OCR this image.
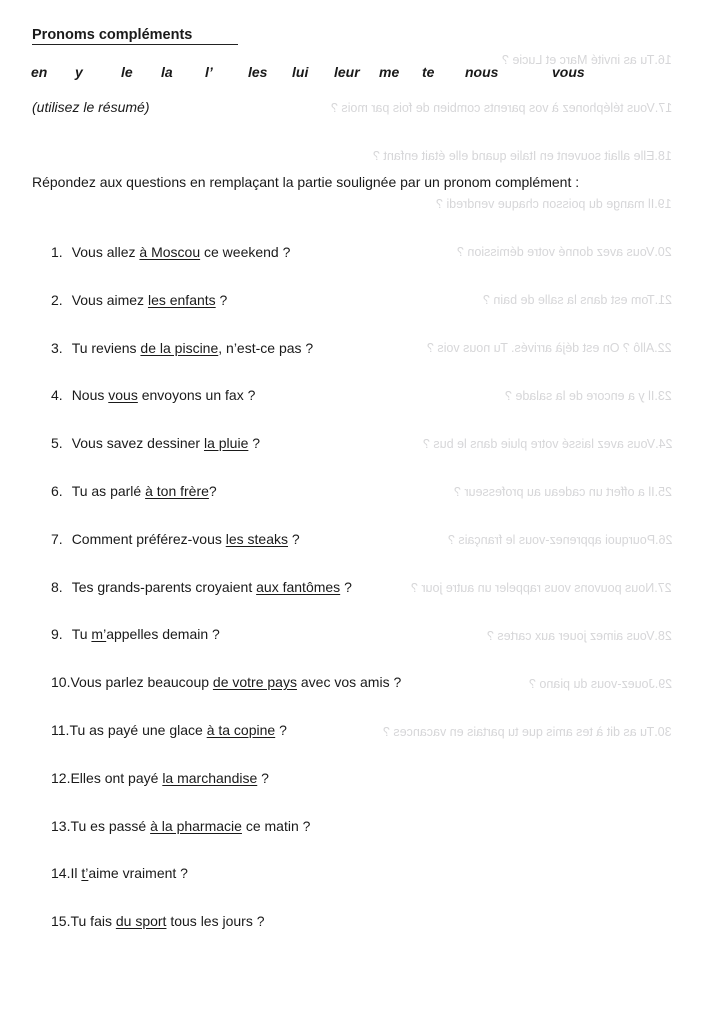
16.Tu as invité Marc et Lucie ?
17.Vous téléphonez à vos parents combien de fois par mois ?
18.Elle allait souvent en Italie quand elle était enfant ?
19.Il mange du poisson chaque vendredi ?
20.Vous avez donné votre démission ?
21.Tom est dans la salle de bain ?
22.Allô ? On est déjà arrivés. Tu nous vois ?
23.Il y a encore de la salade ?
24.Vous avez laissé votre pluie dans le bus ?
25.Il a offert un cadeau au professeur ?
26.Pourquoi apprenez-vous le français ?
27.Nous pouvons vous rappeler un autre jour ?
28.Vous aimez jouer aux cartes ?
29.Jouez-vous du piano ?
30.Tu as dit à tes amis que tu partais en vacances ?
Pronoms compléments
en y	le la l’	les lui leur me te nous	vous
(utilisez le résumé)
Répondez aux questions en remplaçant la partie soulignée par un pronom complément :
1. Vous allez à Moscou ce weekend ?
2. Vous aimez les enfants ?
3. Tu reviens de la piscine, n’est-ce pas ?
4. Nous vous envoyons un fax ?
5. Vous savez dessiner la pluie ?
6. Tu as parlé à ton frère?
7. Comment préférez-vous les steaks ?
8. Tes grands-parents croyaient aux fantômes ?
9. Tu m’appelles demain ?
10.Vous parlez beaucoup de votre pays avec vos amis ?
11.Tu as payé une glace à ta copine ?
12.Elles ont payé la marchandise ?
13.Tu es passé à la pharmacie ce matin ?
14.Il t’aime vraiment ?
15.Tu fais du sport tous les jours ?
